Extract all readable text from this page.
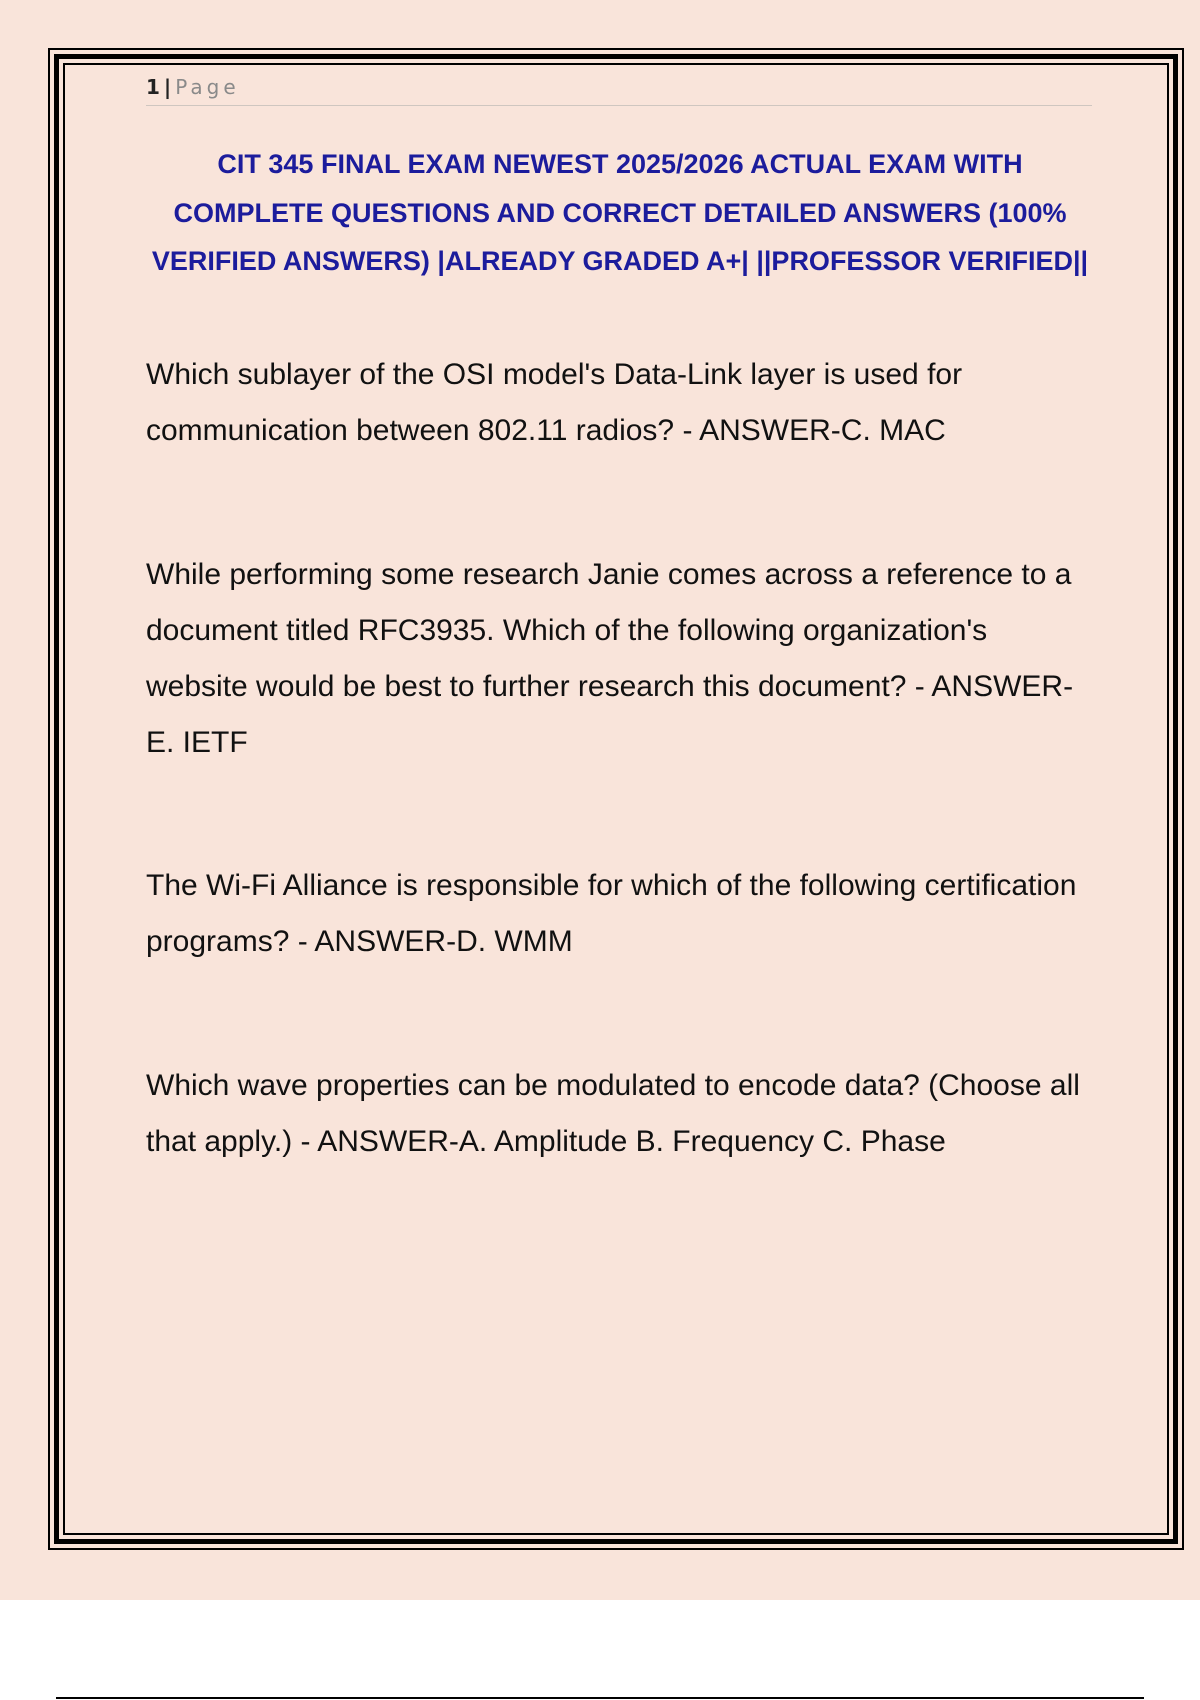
1 | Page
CIT 345 FINAL EXAM NEWEST 2025/2026 ACTUAL EXAM WITH COMPLETE QUESTIONS AND CORRECT DETAILED ANSWERS (100% VERIFIED ANSWERS) |ALREADY GRADED A+| ||PROFESSOR VERIFIED||

Which sublayer of the OSI model's Data-Link layer is used for communication between 802.11 radios? - ANSWER-C. MAC

While performing some research Janie comes across a reference to a document titled RFC3935. Which of the following organization's website would be best to further research this document? - ANSWER-E. IETF

The Wi-Fi Alliance is responsible for which of the following certification programs? - ANSWER-D. WMM

Which wave properties can be modulated to encode data? (Choose all that apply.) - ANSWER-A. Amplitude B. Frequency C. Phase
